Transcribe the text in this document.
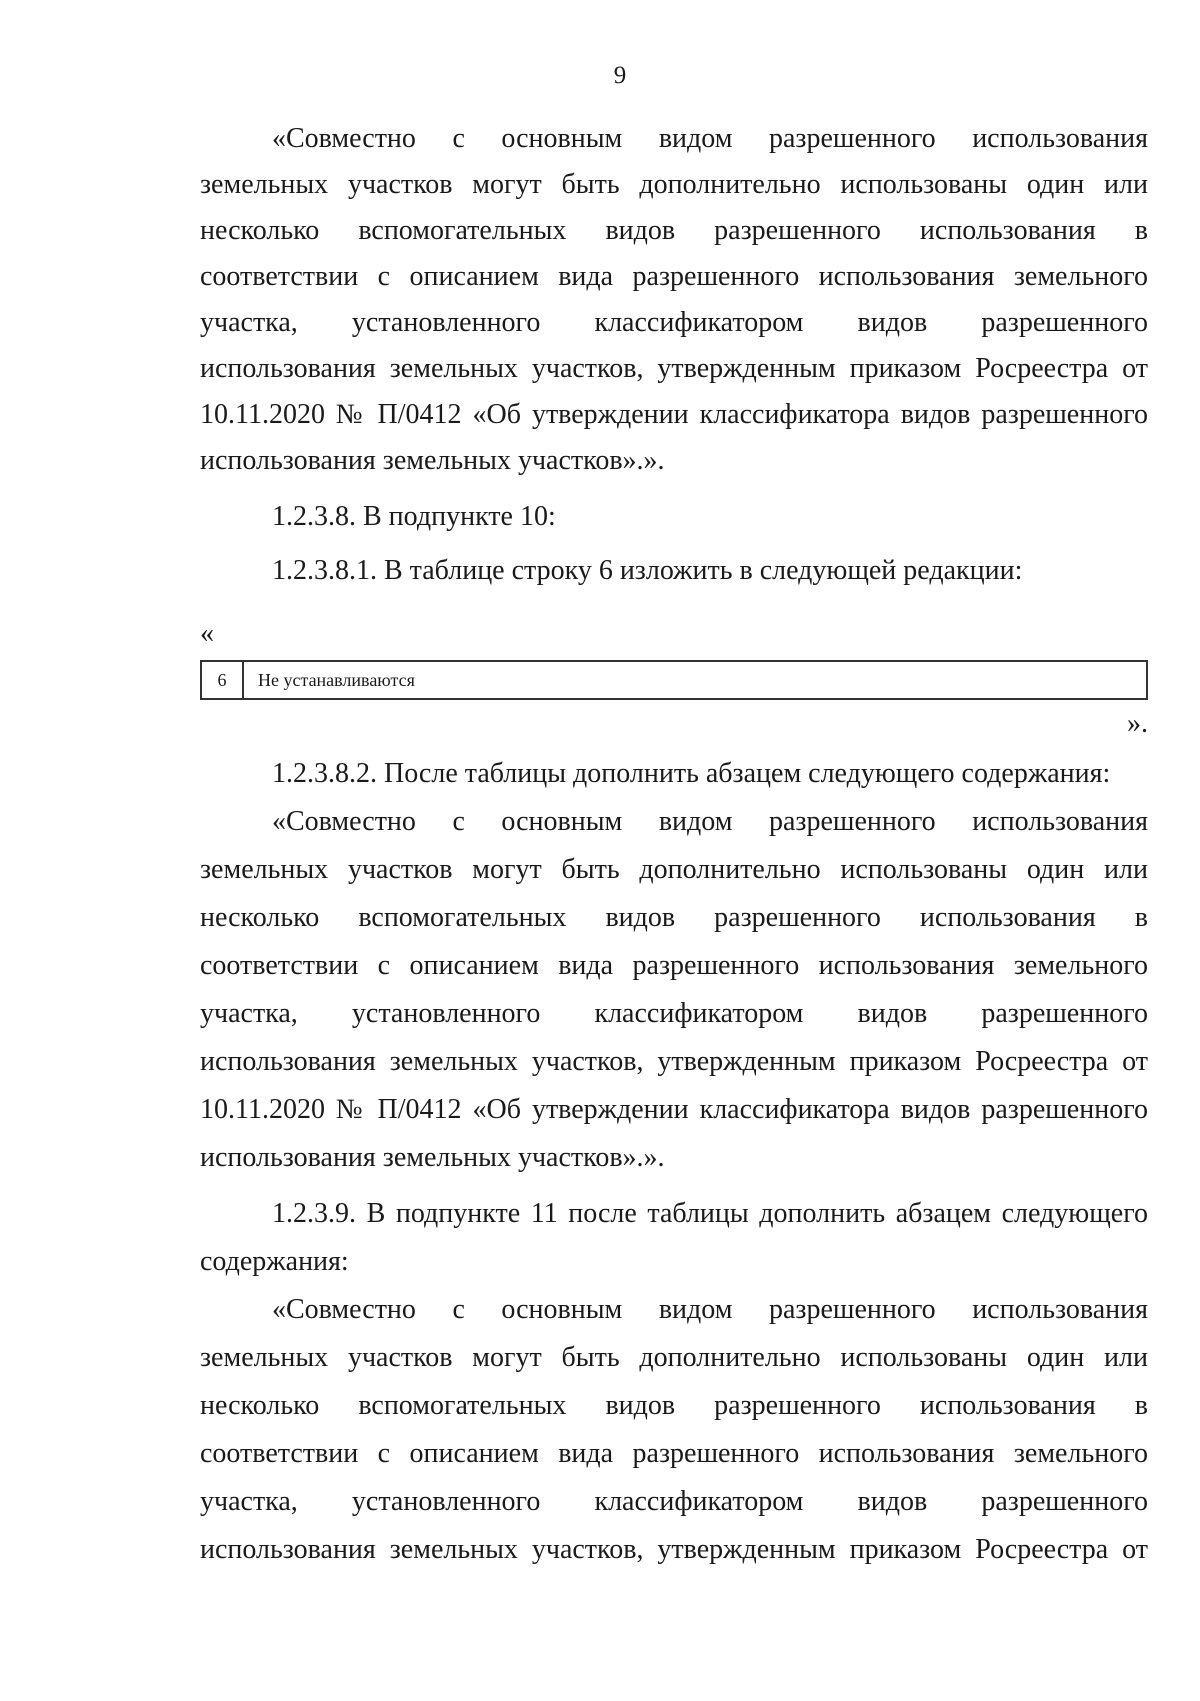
9
«Совместно с основным видом разрешенного использования
земельных участков могут быть дополнительно использованы один или
несколько вспомогательных видов разрешенного использования в
соответствии с описанием вида разрешенного использования земельного
участка, установленного классификатором видов разрешенного
использования земельных участков, утвержденным приказом Росреестра от
10.11.2020 № П/0412 «Об утверждении классификатора видов разрешенного
использования земельных участков».».
1.2.3.8. В подпункте 10:
1.2.3.8.1. В таблице строку 6 изложить в следующей редакции:
«
6	Не устанавливаются
».
1.2.3.8.2. После таблицы дополнить абзацем следующего содержания:
«Совместно с основным видом разрешенного использования
земельных участков могут быть дополнительно использованы один или
несколько вспомогательных видов разрешенного использования в
соответствии с описанием вида разрешенного использования земельного
участка, установленного классификатором видов разрешенного
использования земельных участков, утвержденным приказом Росреестра от
10.11.2020 № П/0412 «Об утверждении классификатора видов разрешенного
использования земельных участков».».
1.2.3.9. В подпункте 11 после таблицы дополнить абзацем следующего
содержания:
«Совместно с основным видом разрешенного использования
земельных участков могут быть дополнительно использованы один или
несколько вспомогательных видов разрешенного использования в
соответствии с описанием вида разрешенного использования земельного
участка, установленного классификатором видов разрешенного
использования земельных участков, утвержденным приказом Росреестра от
